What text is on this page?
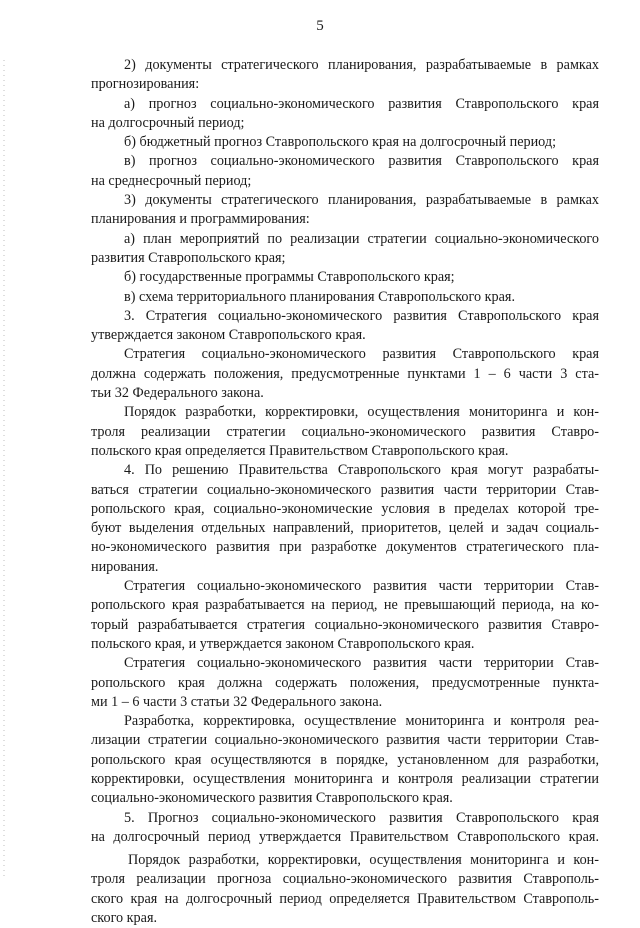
5
2) документы стратегического планирования, разрабатываемые в рамках
прогнозирования:
а) прогноз социально-экономического развития Ставропольского края
на долгосрочный период;
б) бюджетный прогноз Ставропольского края на долгосрочный период;
в) прогноз социально-экономического развития Ставропольского края
на среднесрочный период;
3) документы стратегического планирования, разрабатываемые в рамках
планирования и программирования:
а) план мероприятий по реализации стратегии социально-экономического
развития Ставропольского края;
б) государственные программы Ставропольского края;
в) схема территориального планирования Ставропольского края.
3. Стратегия социально-экономического развития Ставропольского края
утверждается законом Ставропольского края.
Стратегия социально-экономического развития Ставропольского края
должна содержать положения, предусмотренные пунктами 1 – 6 части 3 ста-
тьи 32 Федерального закона.
Порядок разработки, корректировки, осуществления мониторинга и кон-
троля реализации стратегии социально-экономического развития Ставро-
польского края определяется Правительством Ставропольского края.
4. По решению Правительства Ставропольского края могут разрабаты-
ваться стратегии социально-экономического развития части территории Став-
ропольского края, социально-экономические условия в пределах которой тре-
буют выделения отдельных направлений, приоритетов, целей и задач социаль-
но-экономического развития при разработке документов стратегического пла-
нирования.
Стратегия социально-экономического развития части территории Став-
ропольского края разрабатывается на период, не превышающий периода, на ко-
торый разрабатывается стратегия социально-экономического развития Ставро-
польского края, и утверждается законом Ставропольского края.
Стратегия социально-экономического развития части территории Став-
ропольского края должна содержать положения, предусмотренные пункта-
ми 1 – 6 части 3 статьи 32 Федерального закона.
Разработка, корректировка, осуществление мониторинга и контроля реа-
лизации стратегии социально-экономического развития части территории Став-
ропольского края осуществляются в порядке, установленном для разработки,
корректировки, осуществления мониторинга и контроля реализации стратегии
социально-экономического развития Ставропольского края.
5. Прогноз социально-экономического развития Ставропольского края
на долгосрочный период утверждается Правительством Ставропольского края.
Порядок разработки, корректировки, осуществления мониторинга и кон-
троля реализации прогноза социально-экономического развития Ставрополь-
ского края на долгосрочный период определяется Правительством Ставрополь-
ского края.
